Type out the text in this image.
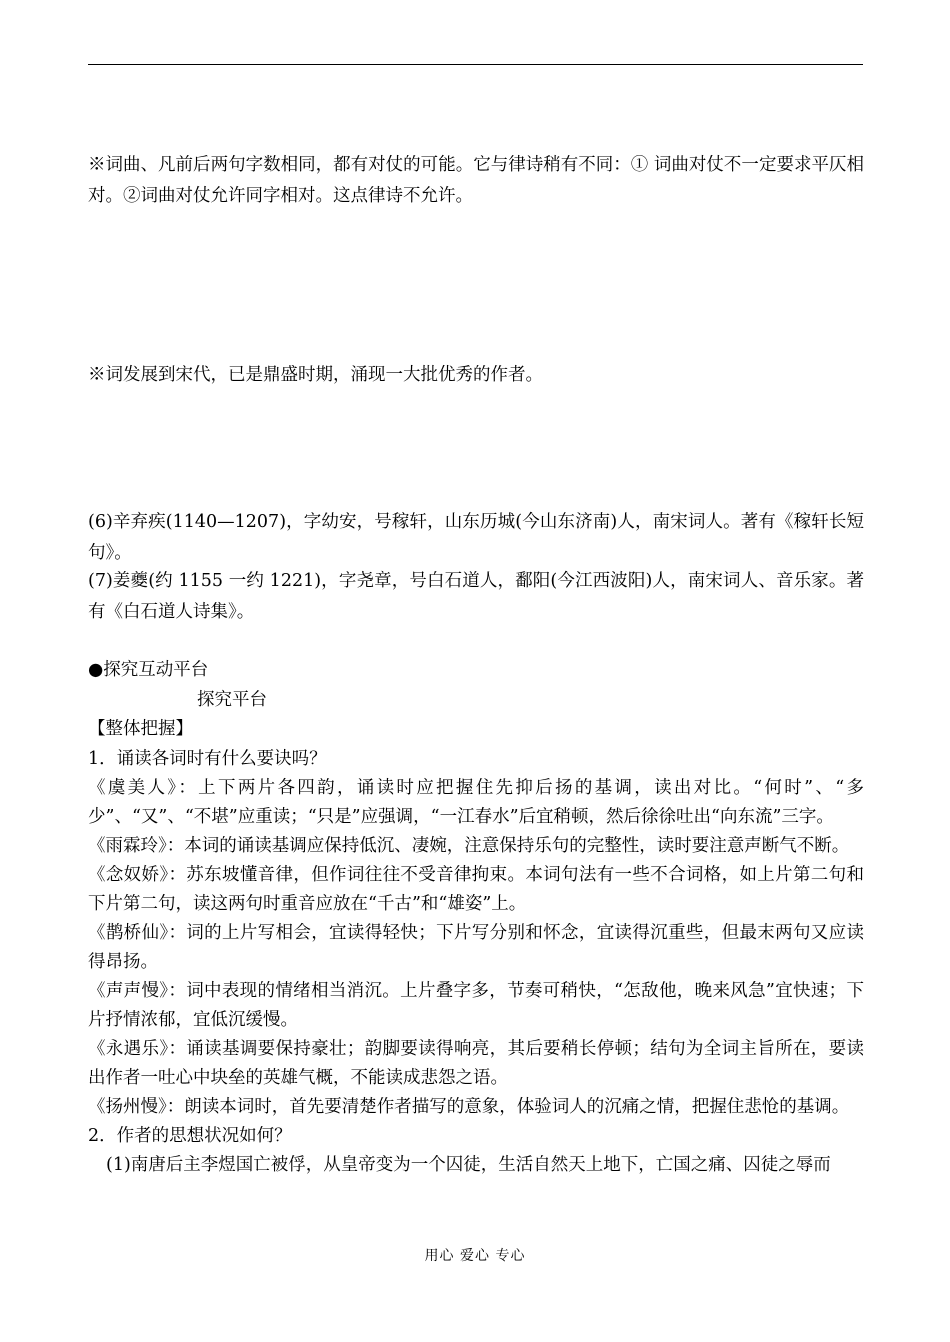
※词曲、凡前后两句字数相同，都有对仗的可能。它与律诗稍有不同：① 词曲对仗不一定要求平仄相对。②词曲对仗允许同字相对。这点律诗不允许。

※词发展到宋代，已是鼎盛时期，涌现一大批优秀的作者。

(6)辛弃疾(1140—1207)，字幼安，号稼轩，山东历城(今山东济南)人，南宋词人。著有《稼轩长短句》。

(7)姜夔(约 1155 一约 1221)，字尧章，号白石道人，鄱阳(今江西波阳)人，南宋词人、音乐家。著有《白石道人诗集》。

●探究互动平台

探究平台

【整体把握】

1．诵读各词时有什么要诀吗？

《虞美人》：上下两片各四韵，诵读时应把握住先抑后扬的基调，读出对比。“何时”、“多少”、“又”、“不堪”应重读；“只是”应强调，“一江春水”后宜稍顿，然后徐徐吐出“向东流”三字。

《雨霖玲》：本词的诵读基调应保持低沉、凄婉，注意保持乐句的完整性，读时要注意声断气不断。

《念奴娇》：苏东坡懂音律，但作词往往不受音律拘束。本词句法有一些不合词格，如上片第二句和下片第二句，读这两句时重音应放在“千古”和“雄姿”上。

《鹊桥仙》：词的上片写相会，宜读得轻快；下片写分别和怀念，宜读得沉重些，但最末两句又应读得昂扬。

《声声慢》：词中表现的情绪相当消沉。上片叠字多，节奏可稍快，“怎敌他，晚来风急”宜快速；下片抒情浓郁，宜低沉缓慢。

《永遇乐》：诵读基调要保持豪壮；韵脚要读得响亮，其后要稍长停顿；结句为全词主旨所在，要读出作者一吐心中块垒的英雄气概，不能读成悲怨之语。

《扬州慢》：朗读本词时，首先要清楚作者描写的意象，体验词人的沉痛之情，把握住悲怆的基调。

2．作者的思想状况如何？

(1)南唐后主李煜国亡被俘，从皇帝变为一个囚徒，生活自然天上地下，亡国之痛、囚徒之辱而

用心 爱心 专心
